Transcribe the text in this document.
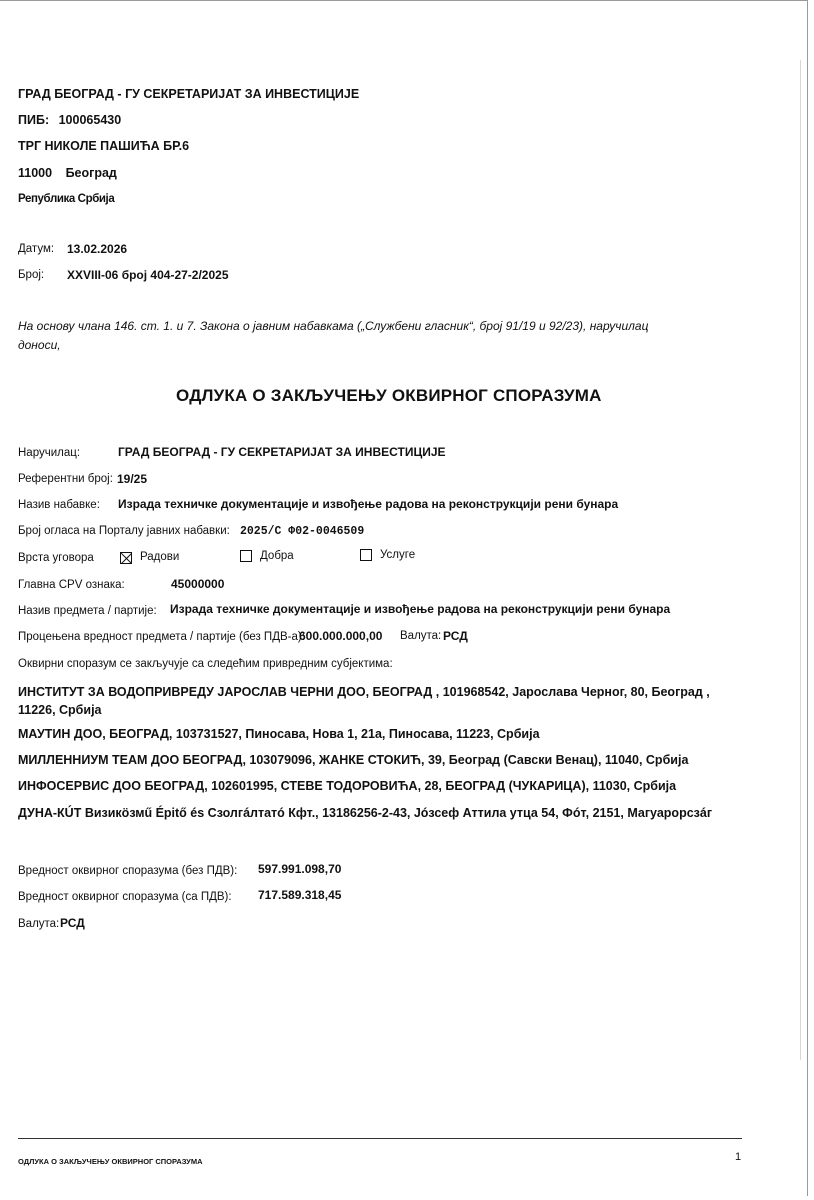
ГРАД БЕОГРАД - ГУ СЕКРЕТАРИЈАТ ЗА ИНВЕСТИЦИЈЕ
ПИБ: 100065430
ТРГ НИКОЛЕ ПАШИЋА БР.6
11000 Београд
Република Србија
Датум: 13.02.2026
Број: XXVIII-06 број 404-27-2/2025
На основу члана 146. ст. 1. и 7. Закона о јавним набавкама („Службени гласник“, број 91/19 и 92/23), наручилац доноси,
ОДЛУКА О ЗАКЉУЧЕЊУ ОКВИРНОГ СПОРАЗУМА
Наручилац:	ГРАД БЕОГРАД - ГУ СЕКРЕТАРИЈАТ ЗА ИНВЕСТИЦИЈЕ
Референтни број: 19/25
Назив набавке: Израда техничке документације и извођење радова на реконструкцији рени бунара
Број огласа на Порталу јавних набавки: 2025/С Ф02-0046509
Врста уговора	Радови	Добра	Услуге
Главна CPV ознака:	45000000
Назив предмета / партије: Израда техничке документације и извођење радова на реконструкцији рени бунара
Процењена вредност предмета / партије (без ПДВ-а):
600.000.000,00 Валута: РСД
Оквирни споразум се закључује са следећим привредним субјектима:
ИНСТИТУТ ЗА ВОДОПРИВРЕДУ ЈАРОСЛАВ ЧЕРНИ ДОО, БЕОГРАД , 101968542, Јарослава Черног, 80, Београд , 11226, Србија
МАУТИН ДОО, БЕОГРАД, 103731527, Пиносава, Нова 1, 21а, Пиносава, 11223, Србија
МИЛЛЕННИУМ ТЕАМ ДОО БЕОГРАД, 103079096, ЖАНКЕ СТОКИЋ, 39, Београд (Савски Венац), 11040, Србија
ИНФОСЕРВИС ДОО БЕОГРАД, 102601995, СТЕВЕ ТОДОРОВИЋА, 28, БЕОГРАД (ЧУКАРИЦА), 11030, Србија
ДУНА-КÚТ Визикöзмű Épitő és Сзолгáлтатó Кфт., 13186256-2-43, Jóзсеф Аттила утца 54, Фóт, 2151, Магуарорсзáг
Вредност оквирног споразума (без ПДВ): 597.991.098,70
Вредност оквирног споразума (са ПДВ): 717.589.318,45
Валута: РСД
ОДЛУКА О ЗАКЉУЧЕЊУ ОКВИРНОГ СПОРАЗУМА	1
